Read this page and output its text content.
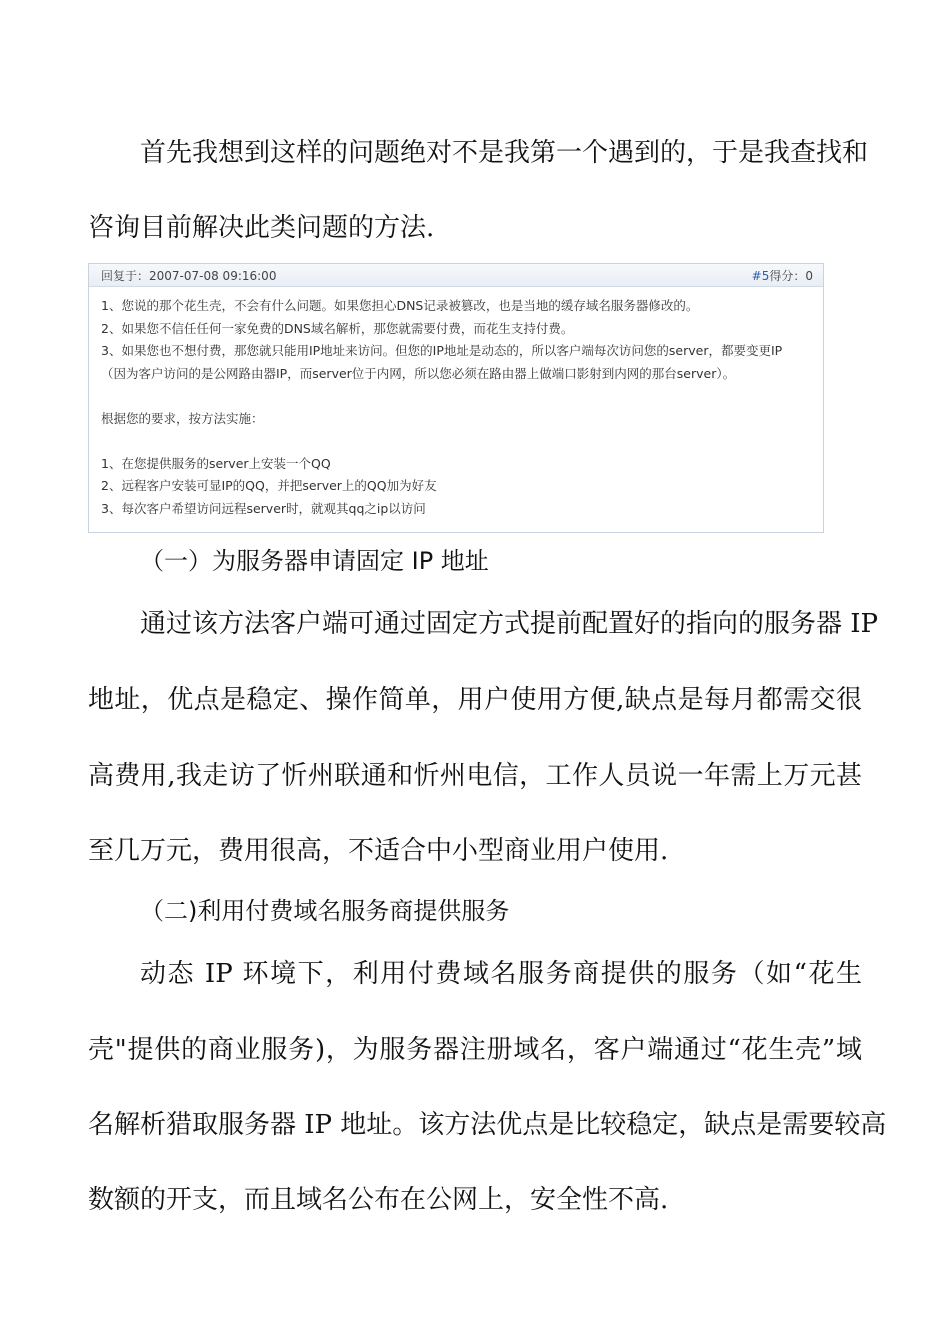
首先我想到这样的问题绝对不是我第一个遇到的，于是我查找和
咨询目前解决此类问题的方法.
回复于：2007-07-08 09:16:00	#5得分：0
1、您说的那个花生壳，不会有什么问题。如果您担心DNS记录被篡改，也是当地的缓存域名服务器修改的。
2、如果您不信任任何一家免费的DNS域名解析，那您就需要付费，而花生支持付费。
3、如果您也不想付费，那您就只能用IP地址来访问。但您的IP地址是动态的，所以客户端每次访问您的server，都要变更IP
（因为客户访问的是公网路由器IP，而server位于内网，所以您必须在路由器上做端口影射到内网的那台server）。
根据您的要求，按方法实施：
1、在您提供服务的server上安装一个QQ
2、远程客户安装可显IP的QQ，并把server上的QQ加为好友
3、每次客户希望访问远程server时，就观其qq之ip以访问
（一）为服务器申请固定 IP 地址
通过该方法客户端可通过固定方式提前配置好的指向的服务器 IP
地址，优点是稳定、操作简单，用户使用方便,缺点是每月都需交很
高费用,我走访了忻州联通和忻州电信，工作人员说一年需上万元甚
至几万元，费用很高，不适合中小型商业用户使用.
（二)利用付费域名服务商提供服务
动态 IP 环境下，利用付费域名服务商提供的服务（如“花生
壳"提供的商业服务)，为服务器注册域名，客户端通过“花生壳”域
名解析猎取服务器 IP 地址。该方法优点是比较稳定，缺点是需要较高
数额的开支，而且域名公布在公网上，安全性不高.
